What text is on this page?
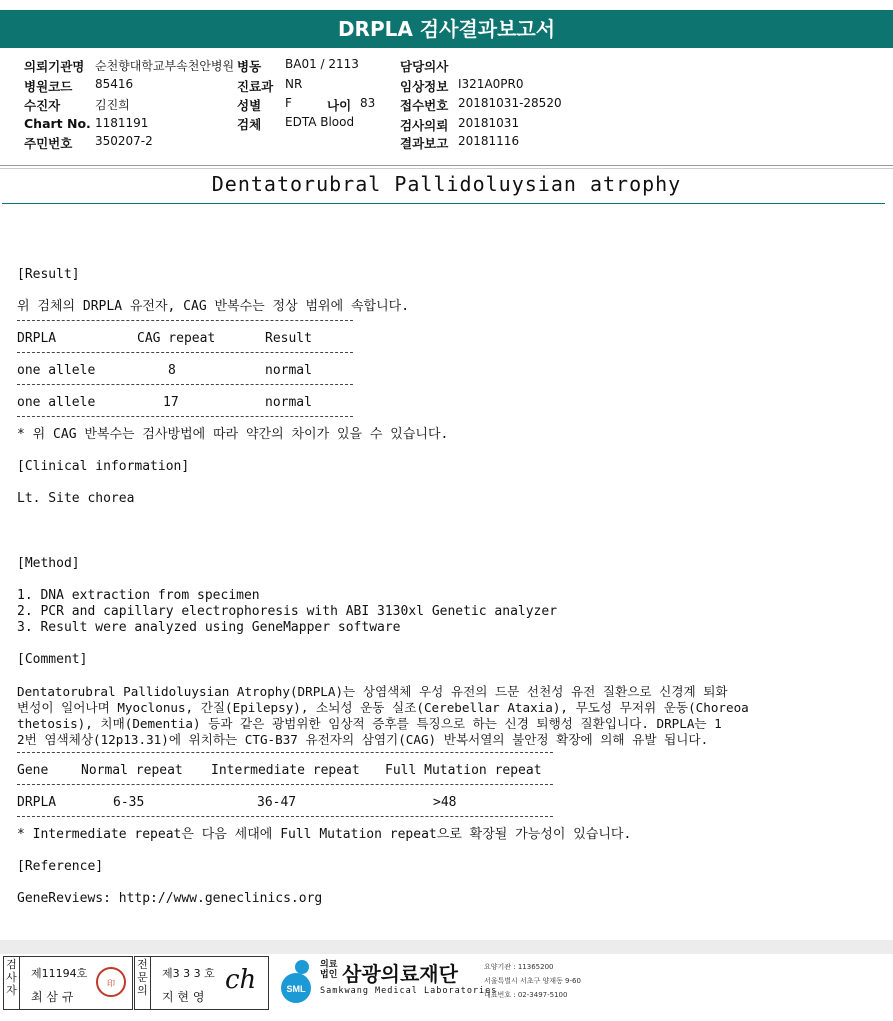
DRPLA 검사결과보고서
의뢰기관명 순천향대학교부속천안병원
병원코드 85416
수진자	김진희
Chart No. 1181191
주민번호 350207-2
병동 BA01 / 2113
진료과 NR
성별 F	나이 83
검체 EDTA Blood
담당의사
임상정보 I321A0PR0
접수번호 20181031-28520
검사의뢰 20181031
결과보고 20181116
Dentatorubral Pallidoluysian atrophy
[Result]
위 검체의 DRPLA 유전자, CAG 반복수는 정상 범위에 속합니다.
DRPLA	CAG repeat	Result
one allele	8	normal
one allele	17	normal
* 위 CAG 반복수는 검사방법에 따라 약간의 차이가 있을 수 있습니다.
[Clinical information]
Lt. Site chorea
[Method]
1. DNA extraction from specimen
2. PCR and capillary electrophoresis with ABI 3130xl Genetic analyzer
3. Result were analyzed using GeneMapper software
[Comment]
Dentatorubral Pallidoluysian Atrophy(DRPLA)는 상염색체 우성 유전의 드문 선천성 유전 질환으로 신경계 퇴화
변성이 일어나며 Myoclonus, 간질(Epilepsy), 소뇌성 운동 실조(Cerebellar Ataxia), 무도성 무저위 운동(Choreoa
thetosis), 치매(Dementia) 등과 같은 광범위한 임상적 증후를 특징으로 하는 신경 퇴행성 질환입니다. DRPLA는 1
2번 염색체상(12p13.31)에 위치하는 CTG-B37 유전자의 삼염기(CAG) 반복서열의 불안정 확장에 의해 유발 됩니다.
Gene	Normal repeat Intermediate repeat Full Mutation repeat
DRPLA	6-35	36-47	>48
* Intermediate repeat은 다음 세대에 Full Mutation repeat으로 확장될 가능성이 있습니다.
[Reference]
GeneReviews: http://www.geneclinics.org
검사자
제11194호
최 삼 규
印
전문의
제3 3 3 호
지 현 영
ch	SML
의료
법인 삼광의료재단
Samkwang Medical Laboratories
요양기관 : 11365200
서울특별시 서초구 양재동 9-60
대표번호 : 02-3497-5100
